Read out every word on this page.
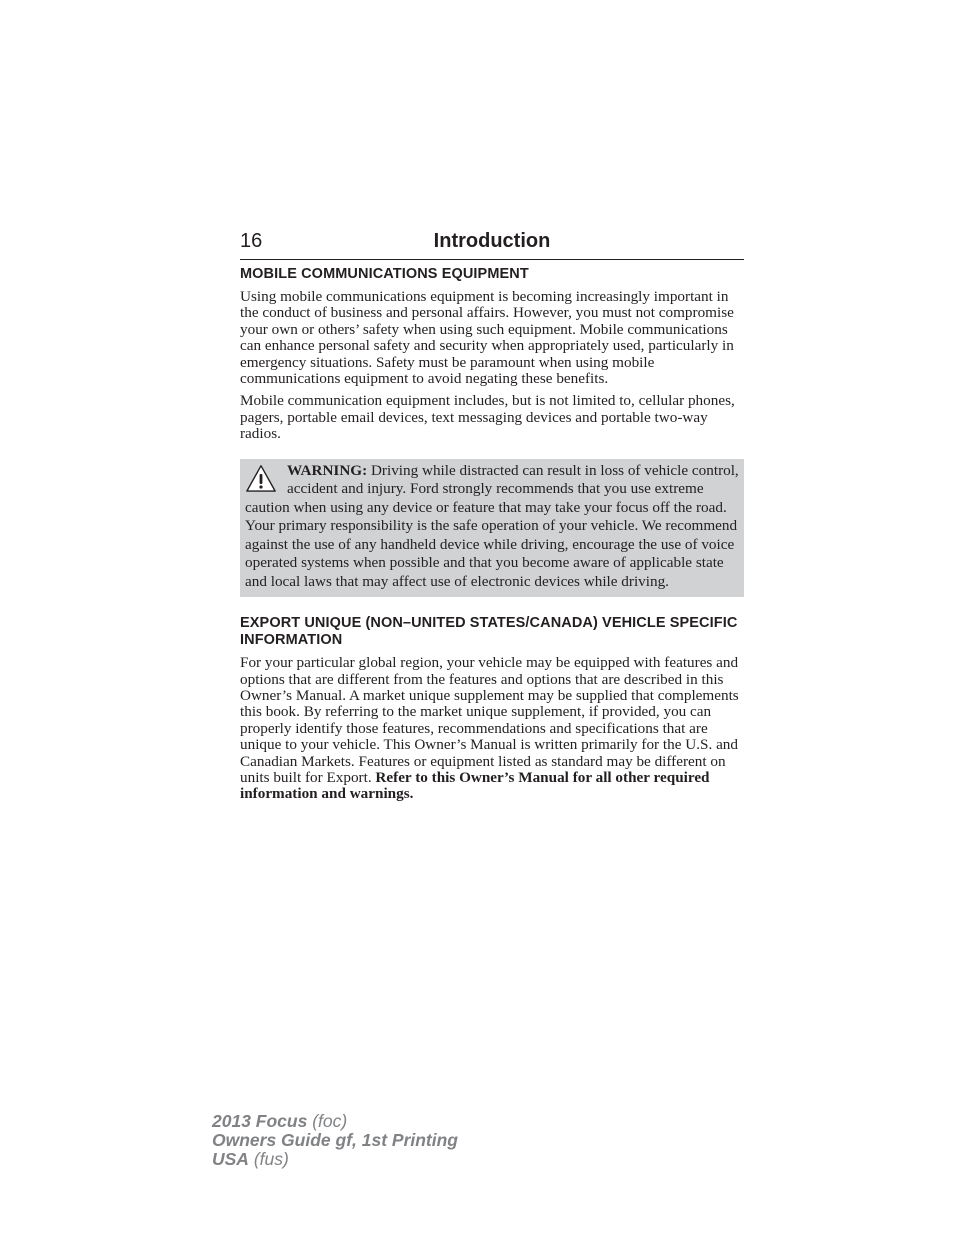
16	Introduction
MOBILE COMMUNICATIONS EQUIPMENT

Using mobile communications equipment is becoming increasingly important in the conduct of business and personal affairs. However, you must not compromise your own or others’ safety when using such equipment. Mobile communications can enhance personal safety and security when appropriately used, particularly in emergency situations. Safety must be paramount when using mobile communications equipment to avoid negating these benefits.

Mobile communication equipment includes, but is not limited to, cellular phones, pagers, portable email devices, text messaging devices and portable two-way radios.

WARNING: Driving while distracted can result in loss of vehicle control, accident and injury. Ford strongly recommends that you use extreme caution when using any device or feature that may take your focus off the road. Your primary responsibility is the safe operation of your vehicle. We recommend against the use of any handheld device while driving, encourage the use of voice operated systems when possible and that you become aware of applicable state and local laws that may affect use of electronic devices while driving.

EXPORT UNIQUE (NON–UNITED STATES/CANADA) VEHICLE SPECIFIC INFORMATION

For your particular global region, your vehicle may be equipped with features and options that are different from the features and options that are described in this Owner’s Manual. A market unique supplement may be supplied that complements this book. By referring to the market unique supplement, if provided, you can properly identify those features, recommendations and specifications that are unique to your vehicle. This Owner’s Manual is written primarily for the U.S. and Canadian Markets. Features or equipment listed as standard may be different on units built for Export. Refer to this Owner’s Manual for all other required information and warnings.

2013 Focus (foc)
Owners Guide gf, 1st Printing
USA (fus)
